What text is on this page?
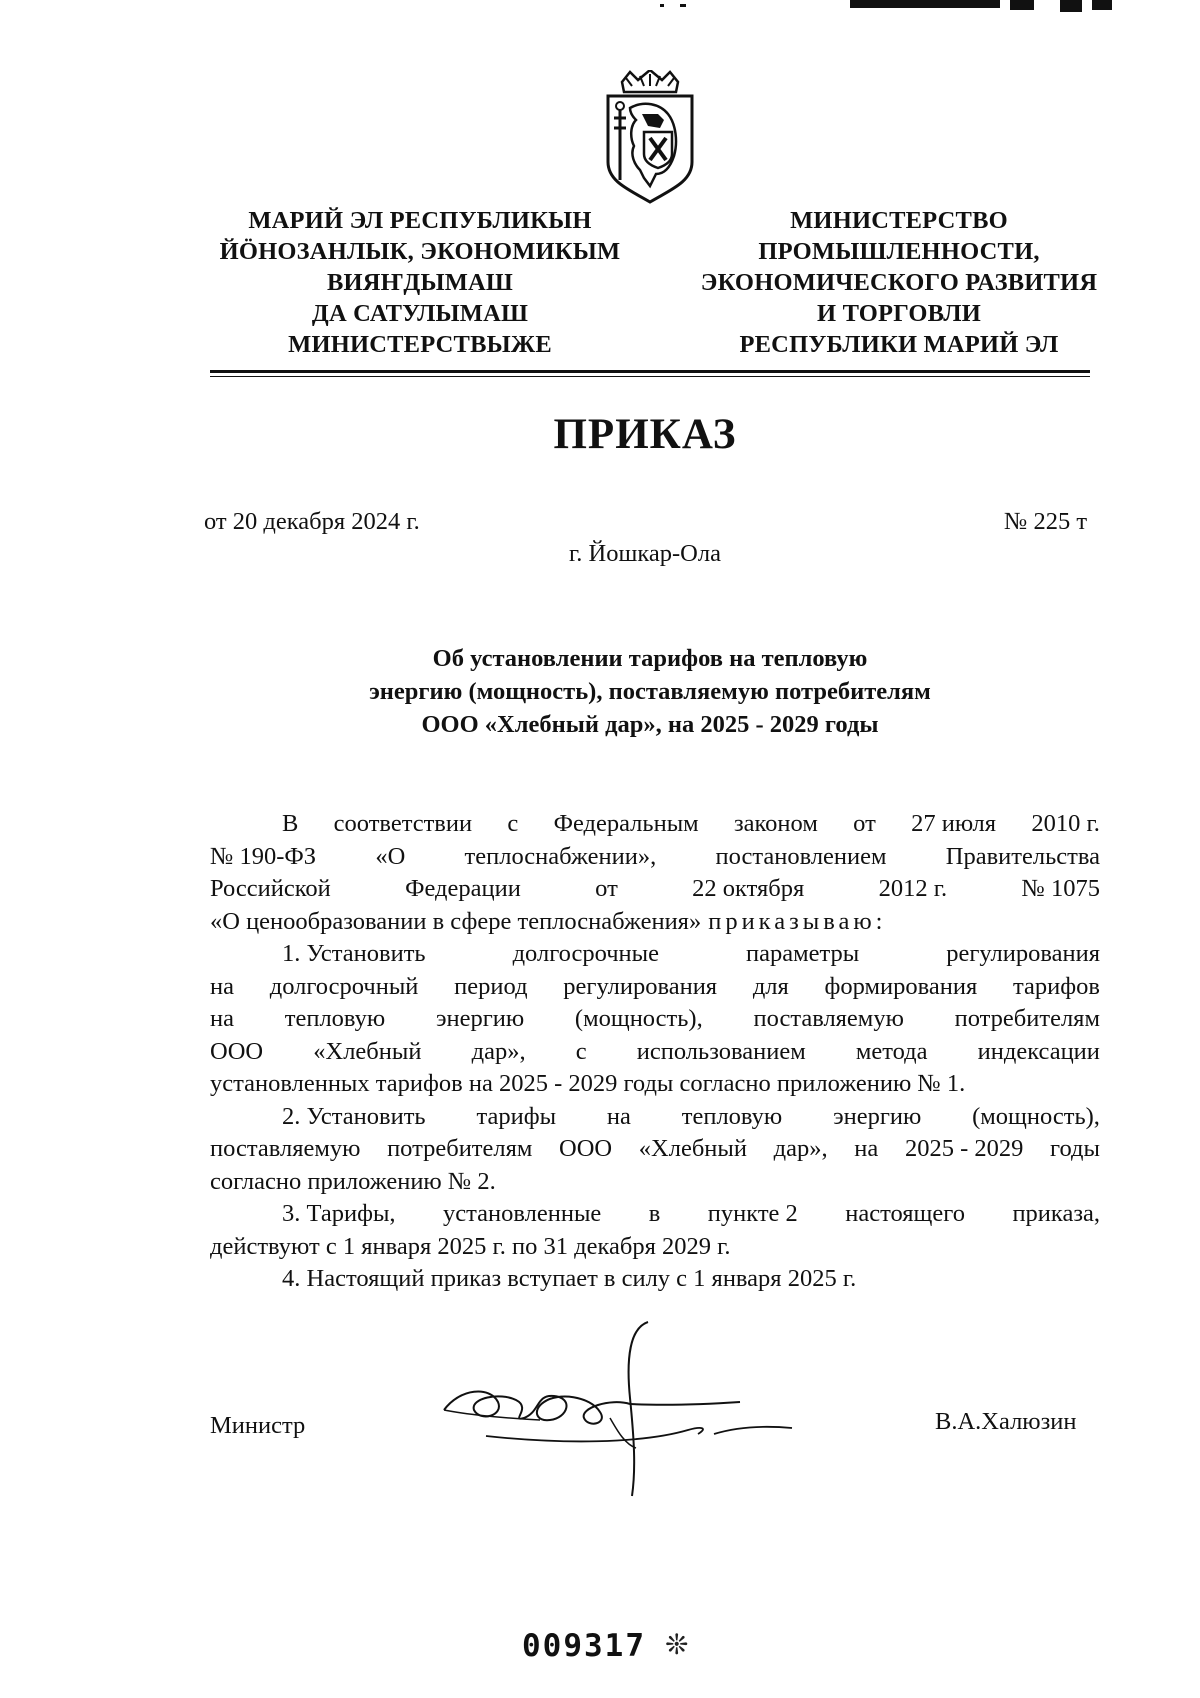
МАРИЙ ЭЛ РЕСПУБЛИКЫН
ЙӦНОЗАНЛЫК, ЭКОНОМИКЫМ
ВИЯҤДЫМАШ
ДА САТУЛЫМАШ
МИНИСТЕРСТВЫЖЕ
МИНИСТЕРСТВО
ПРОМЫШЛЕННОСТИ,
ЭКОНОМИЧЕСКОГО РАЗВИТИЯ
И ТОРГОВЛИ
РЕСПУБЛИКИ МАРИЙ ЭЛ
ПРИКАЗ
от 20 декабря 2024 г.	№ 225 т
г. Йошкар-Ола
Об установлении тарифов на тепловую
энергию (мощность), поставляемую потребителям
ООО «Хлебный дар», на 2025 - 2029 годы
В соответствии с Федеральным законом от 27 июля 2010 г.
№ 190-ФЗ «О теплоснабжении», постановлением Правительства
Российской	Федерации	от	22 октября	2012 г.	№ 1075
«О ценообразовании в сфере теплоснабжения» приказываю:
1. Установить	долгосрочные	параметры	регулирования
на долгосрочный период регулирования для формирования тарифов
на тепловую энергию (мощность), поставляемую потребителям
ООО «Хлебный дар», с использованием метода индексации
установленных тарифов на 2025 - 2029 годы согласно приложению № 1.
2. Установить тарифы на тепловую энергию (мощность),
поставляемую потребителям ООО «Хлебный дар», на 2025 - 2029 годы
согласно приложению № 2.
3. Тарифы, установленные в пункте 2 настоящего приказа,
действуют с 1 января 2025 г. по 31 декабря 2029 г.
4. Настоящий приказ вступает в силу с 1 января 2025 г.
Министр	В.А.Халюзин
009317 ❊
